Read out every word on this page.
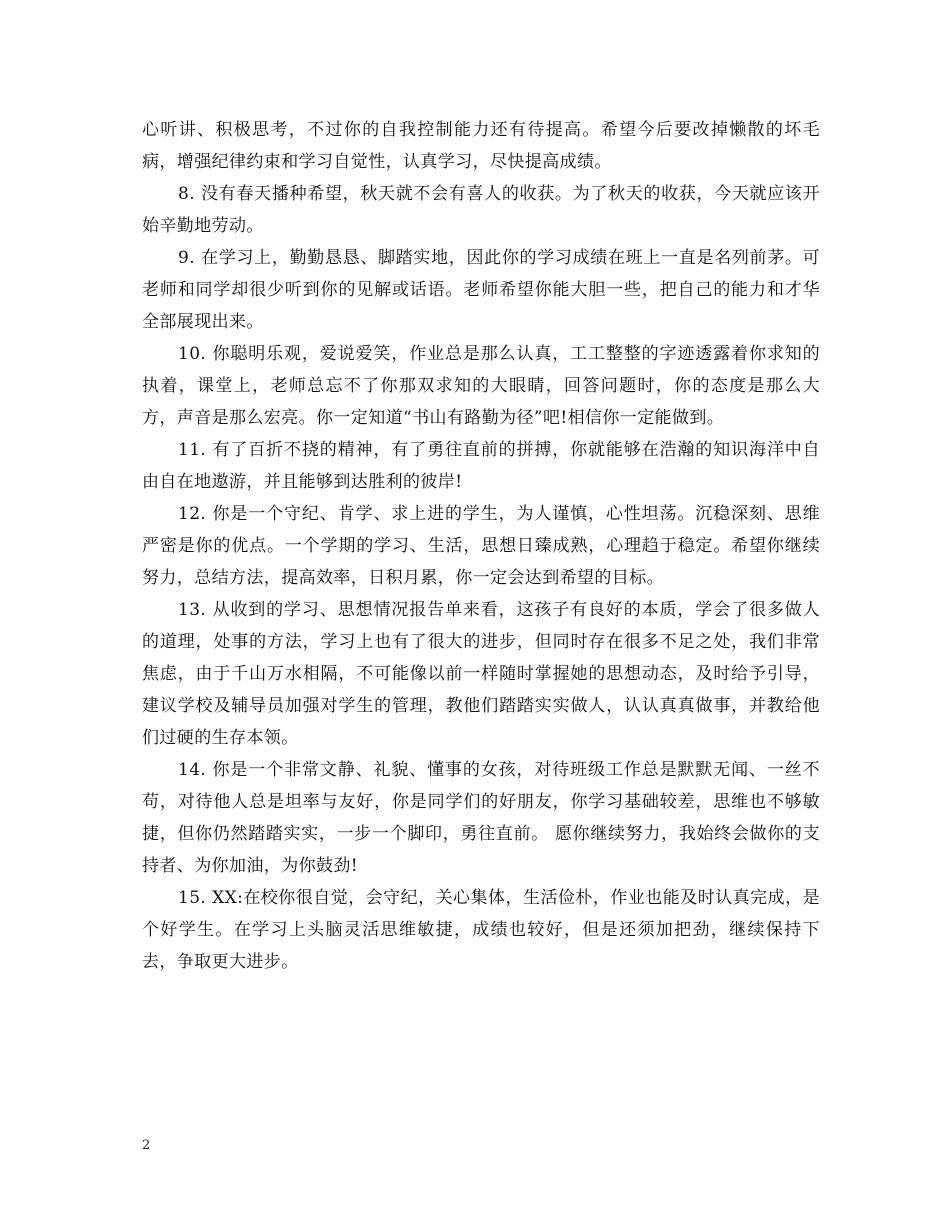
心听讲、积极思考，不过你的自我控制能力还有待提高。希望今后要改掉懒散的坏毛病，增强纪律约束和学习自觉性，认真学习，尽快提高成绩。

8. 没有春天播种希望，秋天就不会有喜人的收获。为了秋天的收获，今天就应该开始辛勤地劳动。

9. 在学习上，勤勤恳恳、脚踏实地，因此你的学习成绩在班上一直是名列前茅。可老师和同学却很少听到你的见解或话语。老师希望你能大胆一些，把自己的能力和才华全部展现出来。

10. 你聪明乐观，爱说爱笑，作业总是那么认真，工工整整的字迹透露着你求知的执着，课堂上，老师总忘不了你那双求知的大眼睛，回答问题时，你的态度是那么大方，声音是那么宏亮。你一定知道“书山有路勤为径”吧!相信你一定能做到。

11. 有了百折不挠的精神，有了勇往直前的拼搏，你就能够在浩瀚的知识海洋中自由自在地遨游，并且能够到达胜利的彼岸!

12. 你是一个守纪、肯学、求上进的学生，为人谨慎，心性坦荡。沉稳深刻、思维严密是你的优点。一个学期的学习、生活，思想日臻成熟，心理趋于稳定。希望你继续努力，总结方法，提高效率，日积月累，你一定会达到希望的目标。

13. 从收到的学习、思想情况报告单来看，这孩子有良好的本质，学会了很多做人的道理，处事的方法，学习上也有了很大的进步，但同时存在很多不足之处，我们非常焦虑，由于千山万水相隔，不可能像以前一样随时掌握她的思想动态，及时给予引导，建议学校及辅导员加强对学生的管理，教他们踏踏实实做人，认认真真做事，并教给他们过硬的生存本领。

14. 你是一个非常文静、礼貌、懂事的女孩，对待班级工作总是默默无闻、一丝不苟，对待他人总是坦率与友好，你是同学们的好朋友，你学习基础较差，思维也不够敏捷，但你仍然踏踏实实，一步一个脚印，勇往直前。 愿你继续努力，我始终会做你的支持者、为你加油，为你鼓劲!

15. XX:在校你很自觉，会守纪，关心集体，生活俭朴，作业也能及时认真完成，是个好学生。在学习上头脑灵活思维敏捷，成绩也较好，但是还须加把劲，继续保持下去，争取更大进步。

2
